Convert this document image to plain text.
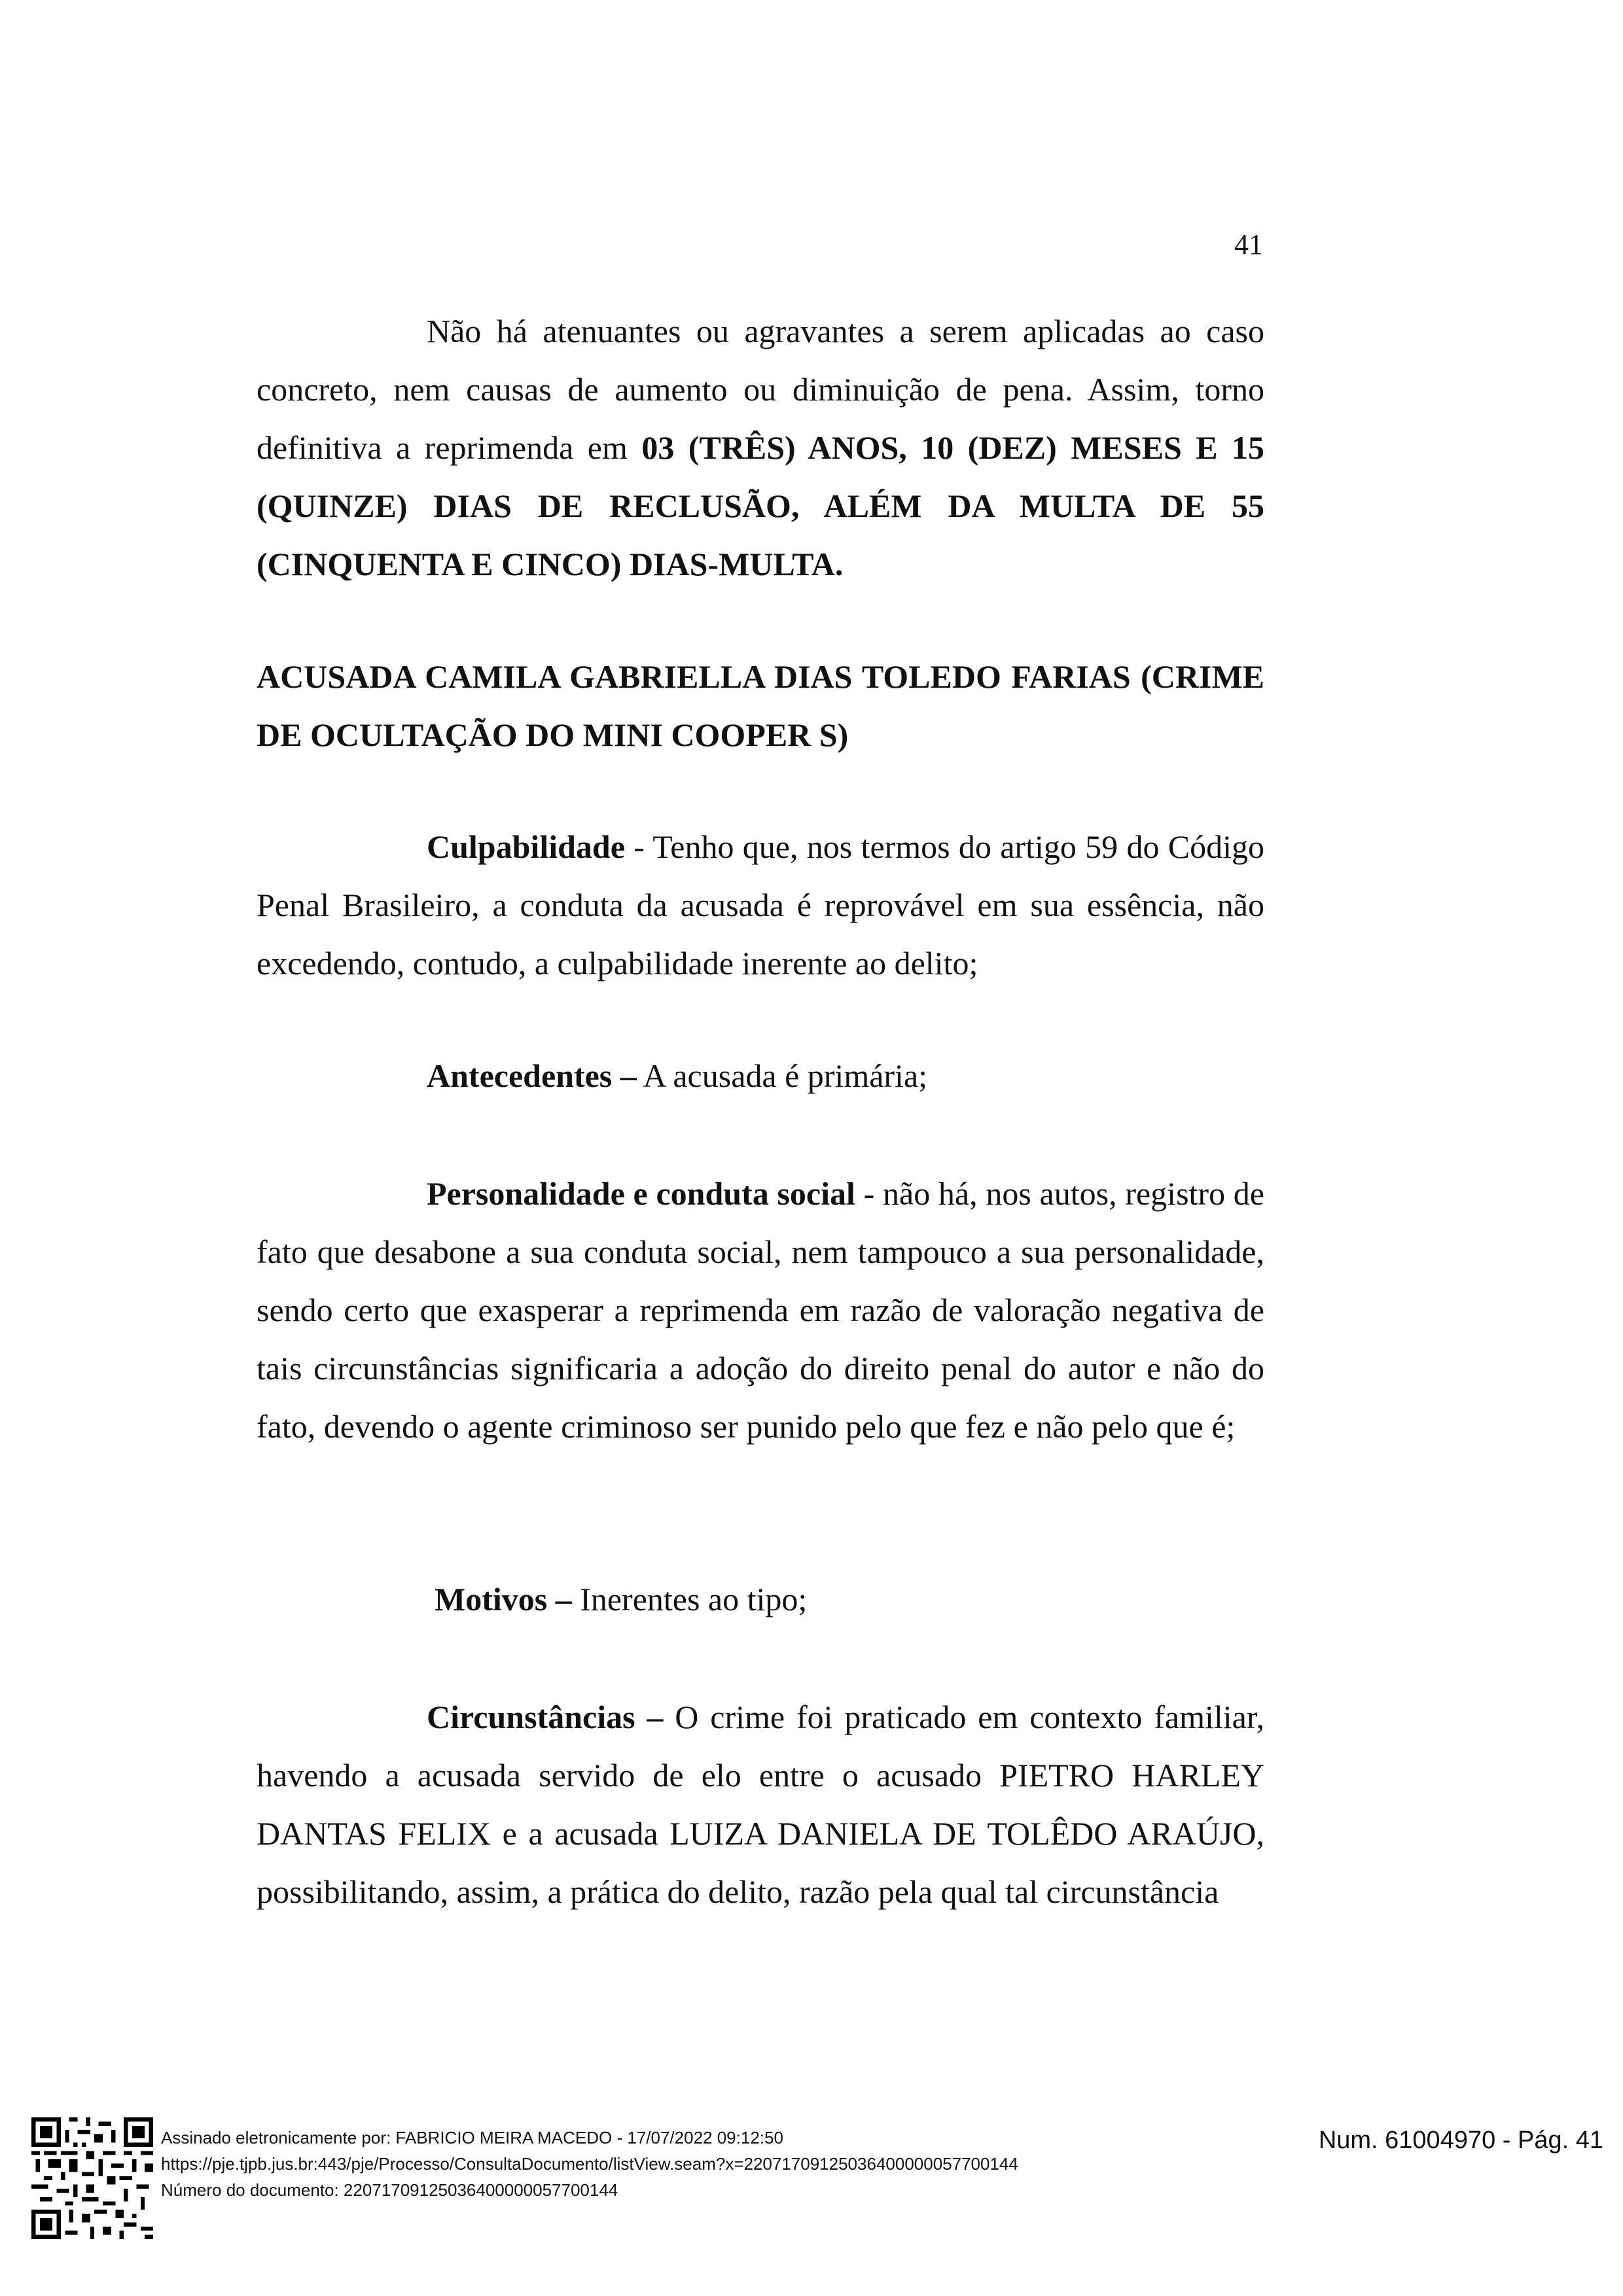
41

Não há atenuantes ou agravantes a serem aplicadas ao caso concreto, nem causas de aumento ou diminuição de pena. Assim, torno definitiva a reprimenda em 03 (TRÊS) ANOS, 10 (DEZ) MESES E 15 (QUINZE) DIAS DE RECLUSÃO, ALÉM DA MULTA DE 55 (CINQUENTA E CINCO) DIAS-MULTA.

ACUSADA CAMILA GABRIELLA DIAS TOLEDO FARIAS (CRIME DE OCULTAÇÃO DO MINI COOPER S)

Culpabilidade - Tenho que, nos termos do artigo 59 do Código Penal Brasileiro, a conduta da acusada é reprovável em sua essência, não excedendo, contudo, a culpabilidade inerente ao delito;

Antecedentes – A acusada é primária;

Personalidade e conduta social - não há, nos autos, registro de fato que desabone a sua conduta social, nem tampouco a sua personalidade, sendo certo que exasperar a reprimenda em razão de valoração negativa de tais circunstâncias significaria a adoção do direito penal do autor e não do fato, devendo o agente criminoso ser punido pelo que fez e não pelo que é;

Motivos – Inerentes ao tipo;

Circunstâncias – O crime foi praticado em contexto familiar, havendo a acusada servido de elo entre o acusado PIETRO HARLEY DANTAS FELIX e a acusada LUIZA DANIELA DE TOLÊDO ARAÚJO, possibilitando, assim, a prática do delito, razão pela qual tal circunstância

Assinado eletronicamente por: FABRICIO MEIRA MACEDO - 17/07/2022 09:12:50
https://pje.tjpb.jus.br:443/pje/Processo/ConsultaDocumento/listView.seam?x=22071709125036400000057700144
Número do documento: 22071709125036400000057700144
Num. 61004970 - Pág. 41
